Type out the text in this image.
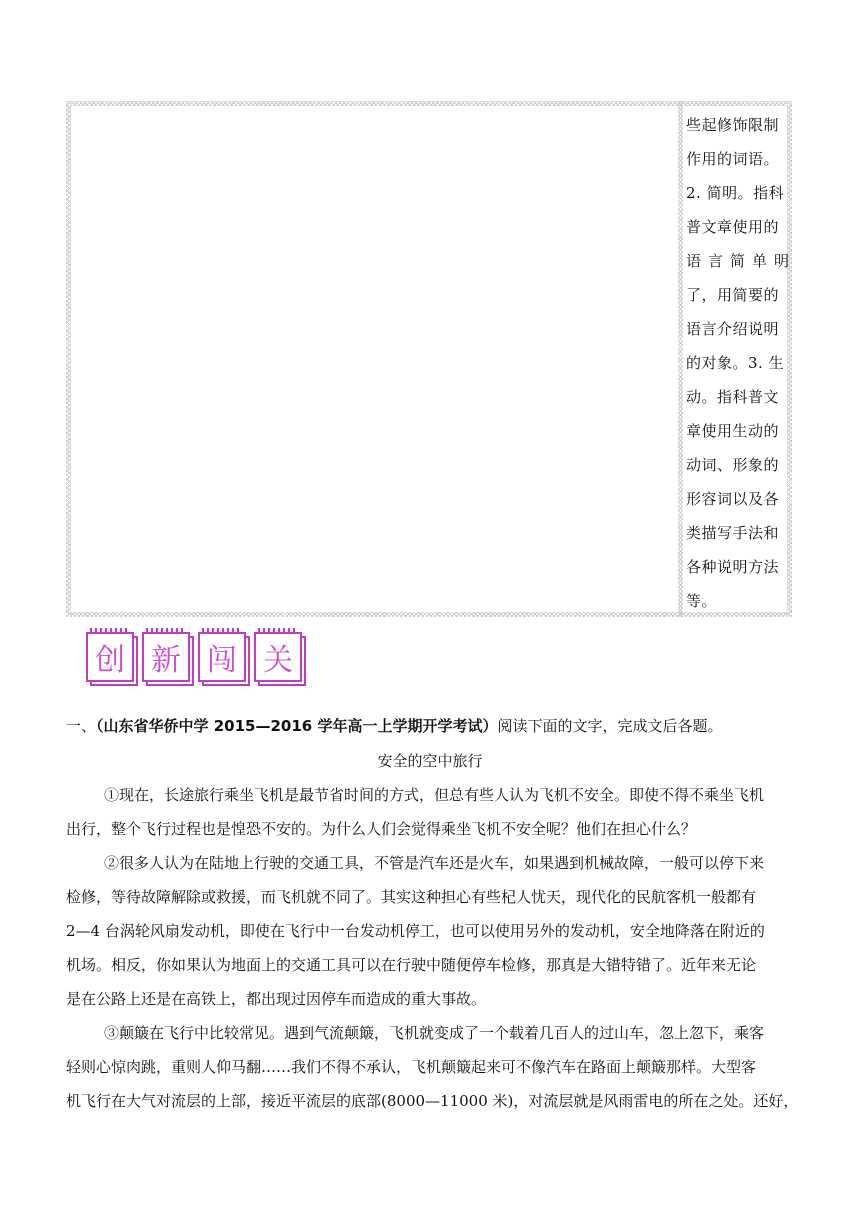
些起修饰限制
作用的词语。
2. 简明。指科
普文章使用的
语言简单明
了，用简要的
语言介绍说明
的对象。3. 生
动。指科普文
章使用生动的
动词、形象的
形容词以及各
类描写手法和
各种说明方法
等。
创 新 闯 关
一、（山东省华侨中学 2015—2016 学年高一上学期开学考试）阅读下面的文字，完成文后各题。
安全的空中旅行
①现在，长途旅行乘坐飞机是最节省时间的方式，但总有些人认为飞机不安全。即使不得不乘坐飞机
出行，整个飞行过程也是惶恐不安的。为什么人们会觉得乘坐飞机不安全呢？他们在担心什么？
②很多人认为在陆地上行驶的交通工具，不管是汽车还是火车，如果遇到机械故障，一般可以停下来
检修，等待故障解除或救援，而飞机就不同了。其实这种担心有些杞人忧天，现代化的民航客机一般都有
2—4 台涡轮风扇发动机，即使在飞行中一台发动机停工，也可以使用另外的发动机，安全地降落在附近的
机场。相反，你如果认为地面上的交通工具可以在行驶中随便停车检修，那真是大错特错了。近年来无论
是在公路上还是在高铁上，都出现过因停车而造成的重大事故。
③颠簸在飞行中比较常见。遇到气流颠簸，飞机就变成了一个载着几百人的过山车，忽上忽下，乘客
轻则心惊肉跳，重则人仰马翻……我们不得不承认，飞机颠簸起来可不像汽车在路面上颠簸那样。大型客
机飞行在大气对流层的上部，接近平流层的底部(8000—11000 米)，对流层就是风雨雷电的所在之处。还好，
